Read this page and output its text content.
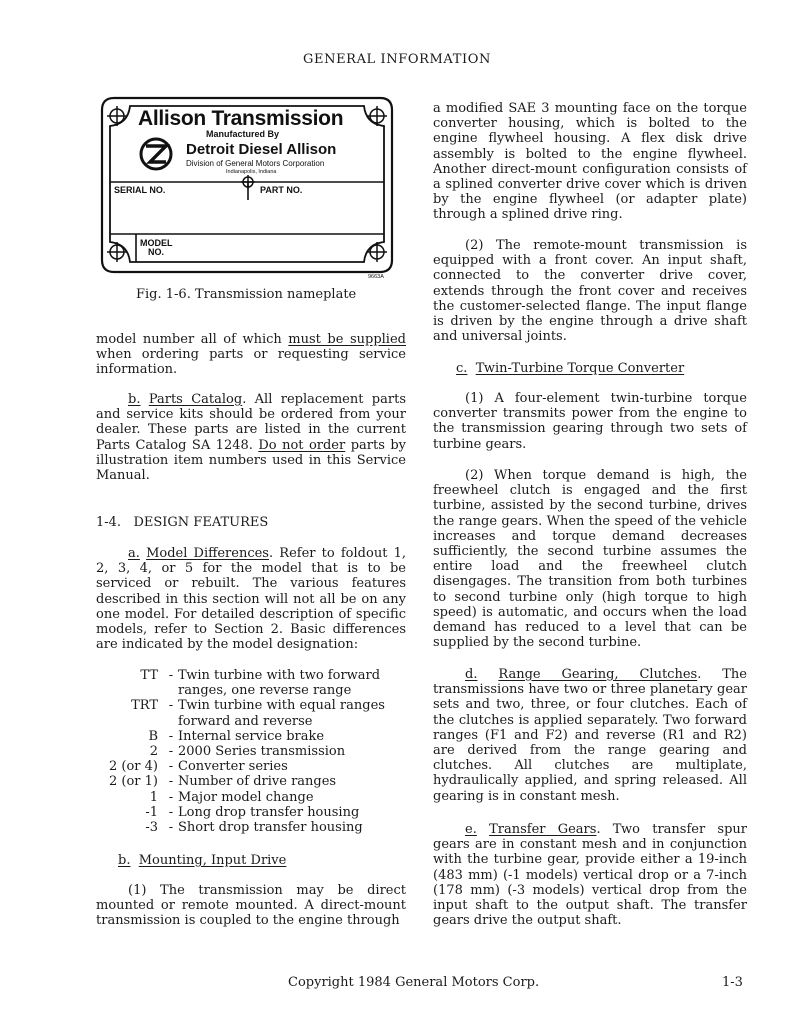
GENERAL INFORMATION
Allison Transmission
Manufactured By
Detroit Diesel Allison
Division of General Motors Corporation
Indianapolis, Indiana
SERIAL NO.	PART NO.
MODEL
NO.
9663A
Fig. 1-6. Transmission nameplate
model number all of which must be supplied when ordering parts or requesting service information.
b. Parts Catalog. All replacement parts and service kits should be ordered from your dealer. These parts are listed in the current Parts Catalog SA 1248. Do not order parts by illustration item numbers used in this Service Manual.
1-4.   DESIGN FEATURES
a. Model Differences. Refer to foldout 1, 2, 3, 4, or 5 for the model that is to be serviced or rebuilt. The various features described in this section will not all be on any one model. For detailed description of specific models, refer to Section 2. Basic differences are indicated by the model designation:
TT - Twin turbine with two forward ranges, one reverse range
TRT - Twin turbine with equal ranges forward and reverse
B - Internal service brake
2 - 2000 Series transmission
2 (or 4) - Converter series
2 (or 1) - Number of drive ranges
1 - Major model change
-1 - Long drop transfer housing
-3 - Short drop transfer housing
b. Mounting, Input Drive
(1) The transmission may be direct mounted or remote mounted. A direct-mount transmission is coupled to the engine through
a modified SAE 3 mounting face on the torque converter housing, which is bolted to the engine flywheel housing. A flex disk drive assembly is bolted to the engine flywheel. Another direct-mount configuration consists of a splined converter drive cover which is driven by the engine flywheel (or adapter plate) through a splined drive ring.
(2) The remote-mount transmission is equipped with a front cover. An input shaft, connected to the converter drive cover, extends through the front cover and receives the customer-selected flange. The input flange is driven by the engine through a drive shaft and universal joints.
c. Twin-Turbine Torque Converter
(1) A four-element twin-turbine torque converter transmits power from the engine to the transmission gearing through two sets of turbine gears.
(2) When torque demand is high, the freewheel clutch is engaged and the first turbine, assisted by the second turbine, drives the range gears. When the speed of the vehicle increases and torque demand decreases sufficiently, the second turbine assumes the entire load and the freewheel clutch disengages. The transition from both turbines to second turbine only (high torque to high speed) is automatic, and occurs when the load demand has reduced to a level that can be supplied by the second turbine.
d. Range Gearing, Clutches. The transmissions have two or three planetary gear sets and two, three, or four clutches. Each of the clutches is applied separately. Two forward ranges (F1 and F2) and reverse (R1 and R2) are derived from the range gearing and clutches. All clutches are multiplate, hydraulically applied, and spring released. All gearing is in constant mesh.
e. Transfer Gears. Two transfer spur gears are in constant mesh and in conjunction with the turbine gear, provide either a 19-inch (483 mm) (-1 models) vertical drop or a 7-inch (178 mm) (-3 models) vertical drop from the input shaft to the output shaft. The transfer gears drive the output shaft.
Copyright 1984 General Motors Corp.	1-3
